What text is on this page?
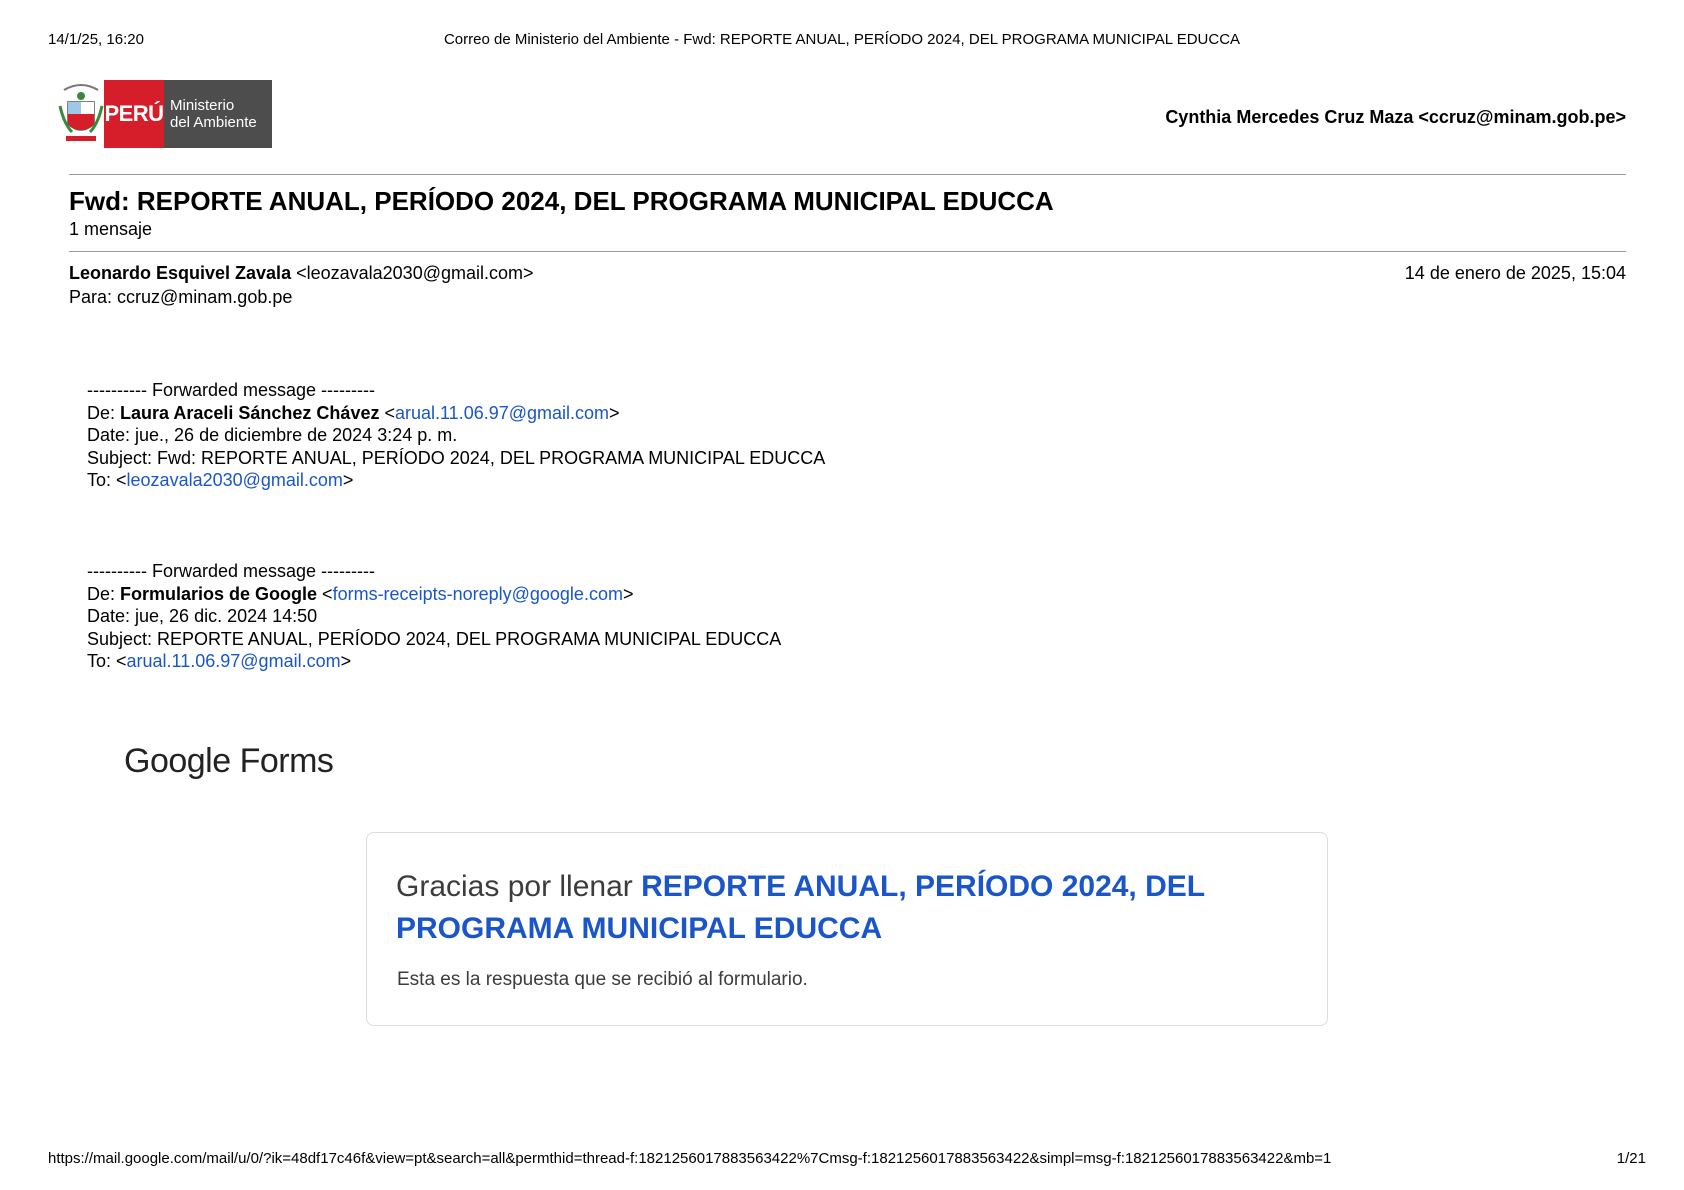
14/1/25, 16:20	Correo de Ministerio del Ambiente - Fwd: REPORTE ANUAL, PERÍODO 2024, DEL PROGRAMA MUNICIPAL EDUCCA
PERÚ Ministerio
del Ambiente	Cynthia Mercedes Cruz Maza <ccruz@minam.gob.pe>
Fwd: REPORTE ANUAL, PERÍODO 2024, DEL PROGRAMA MUNICIPAL EDUCCA
1 mensaje
Leonardo Esquivel Zavala <leozavala2030@gmail.com>	14 de enero de 2025, 15:04
Para: ccruz@minam.gob.pe
---------- Forwarded message ---------
De: Laura Araceli Sánchez Chávez <arual.11.06.97@gmail.com>
Date: jue., 26 de diciembre de 2024 3:24 p. m.
Subject: Fwd: REPORTE ANUAL, PERÍODO 2024, DEL PROGRAMA MUNICIPAL EDUCCA
To: <leozavala2030@gmail.com>
---------- Forwarded message ---------
De: Formularios de Google <forms-receipts-noreply@google.com>
Date: jue, 26 dic. 2024 14:50
Subject: REPORTE ANUAL, PERÍODO 2024, DEL PROGRAMA MUNICIPAL EDUCCA
To: <arual.11.06.97@gmail.com>
Google Forms
Gracias por llenar REPORTE ANUAL, PERÍODO 2024, DEL PROGRAMA MUNICIPAL EDUCCA
Esta es la respuesta que se recibió al formulario.
https://mail.google.com/mail/u/0/?ik=48df17c46f&view=pt&search=all&permthid=thread-f:1821256017883563422%7Cmsg-f:1821256017883563422&simpl=msg-f:1821256017883563422&mb=1	1/21
